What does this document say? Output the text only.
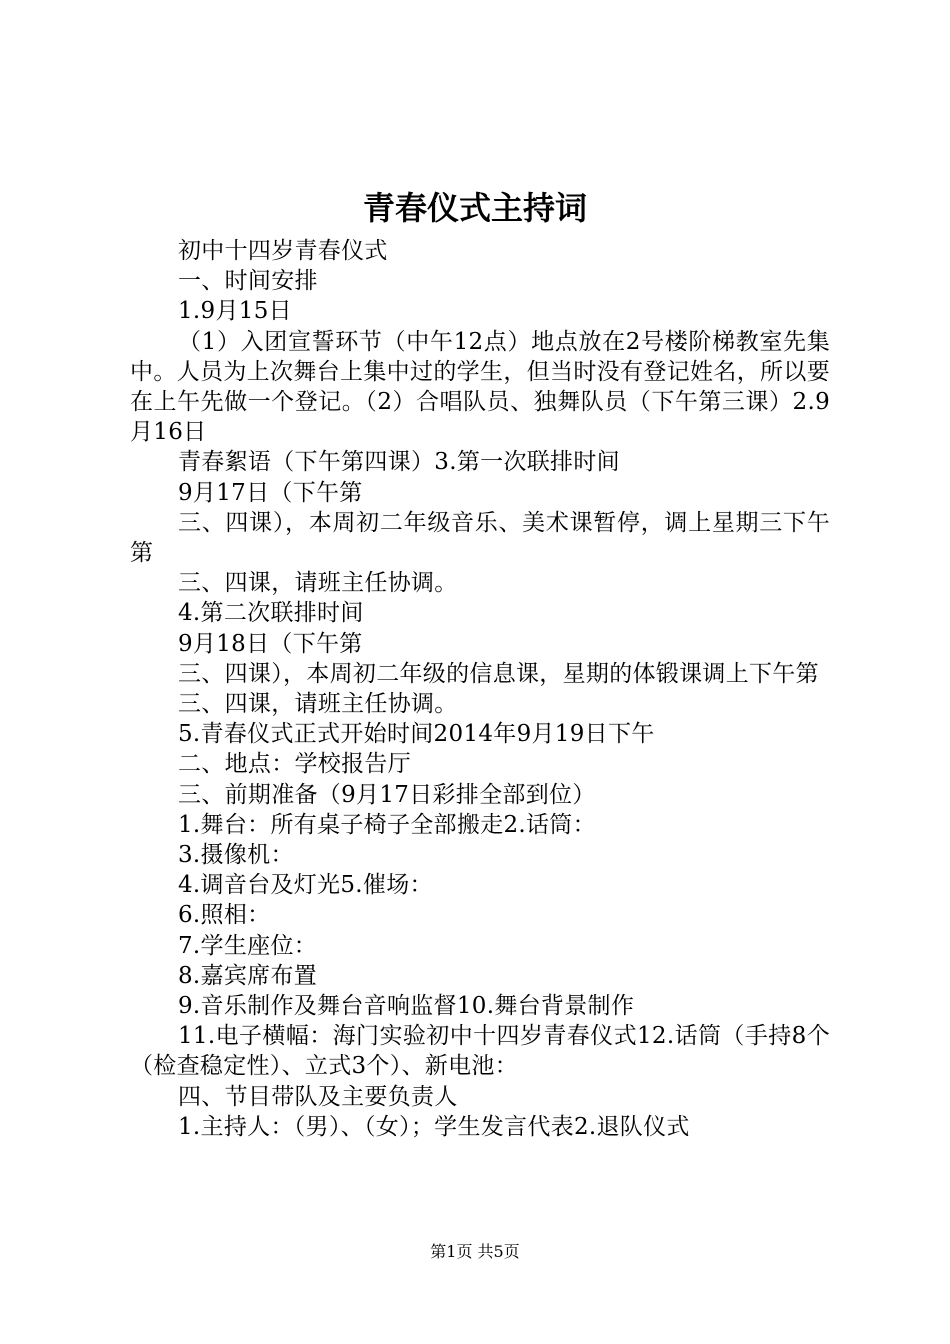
青春仪式主持词

初中十四岁青春仪式

一、时间安排

1.9月15日

（1）入团宣誓环节（中午12点）地点放在2号楼阶梯教室先集中。人员为上次舞台上集中过的学生，但当时没有登记姓名，所以要在上午先做一个登记。（2）合唱队员、独舞队员（下午第三课）2.9月16日

青春絮语（下午第四课）3.第一次联排时间

9月17日（下午第

三、四课），本周初二年级音乐、美术课暂停，调上星期三下午第

三、四课，请班主任协调。

4.第二次联排时间

9月18日（下午第

三、四课），本周初二年级的信息课，星期的体锻课调上下午第

三、四课，请班主任协调。

5.青春仪式正式开始时间2014年9月19日下午

二、地点：学校报告厅

三、前期准备（9月17日彩排全部到位）

1.舞台：所有桌子椅子全部搬走2.话筒：

3.摄像机：

4.调音台及灯光5.催场：

6.照相：

7.学生座位：

8.嘉宾席布置

9.音乐制作及舞台音响监督10.舞台背景制作

11.电子横幅：海门实验初中十四岁青春仪式12.话筒（手持8个（检查稳定性）、立式3个）、新电池：

四、节目带队及主要负责人

1.主持人：（男）、（女）；学生发言代表2.退队仪式

第1页 共5页
